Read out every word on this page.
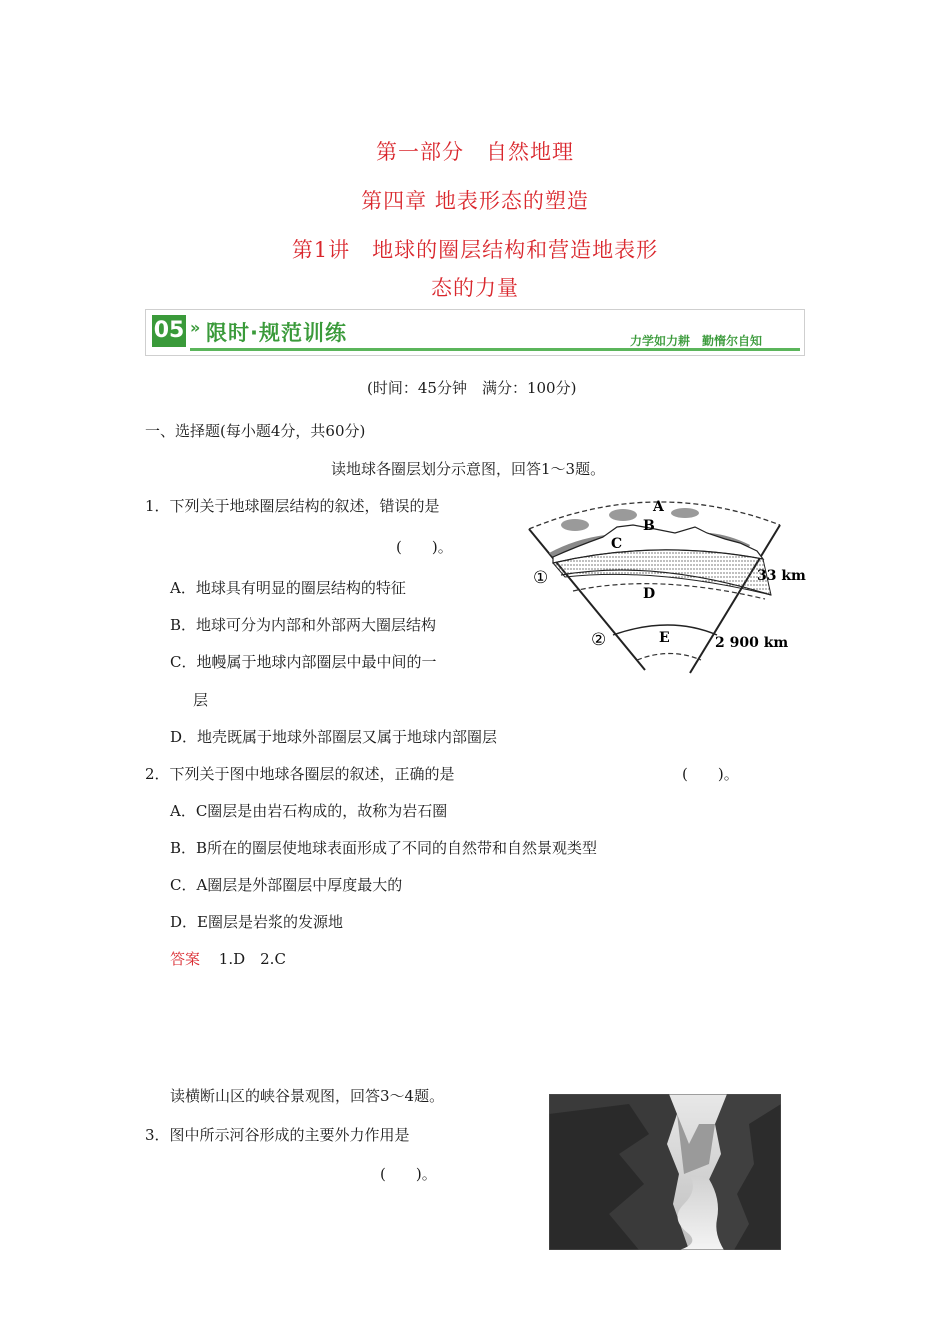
第一部分　自然地理
第四章 地表形态的塑造
第1讲　地球的圈层结构和营造地表形
态的力量
05 » 限时·规范训练	力学如力耕　勤惰尔自知
(时间：45分钟　满分：100分)
一、选择题(每小题4分，共60分)
读地球各圈层划分示意图，回答1～3题。
1．下列关于地球圈层结构的叙述，错误的是
(　　)。
A．地球具有明显的圈层结构的特征
B．地球可分为内部和外部两大圈层结构
C．地幔属于地球内部圈层中最中间的一
层
D．地壳既属于地球外部圈层又属于地球内部圈层
A
B
C
D
E
①
②
33 km
2 900 km
2．下列关于图中地球各圈层的叙述，正确的是	(　　)。
A．C圈层是由岩石构成的，故称为岩石圈
B．B所在的圈层使地球表面形成了不同的自然带和自然景观类型
C．A圈层是外部圈层中厚度最大的
D．E圈层是岩浆的发源地
答案 1.D　2.C
读横断山区的峡谷景观图，回答3～4题。
3．图中所示河谷形成的主要外力作用是
(　　)。
